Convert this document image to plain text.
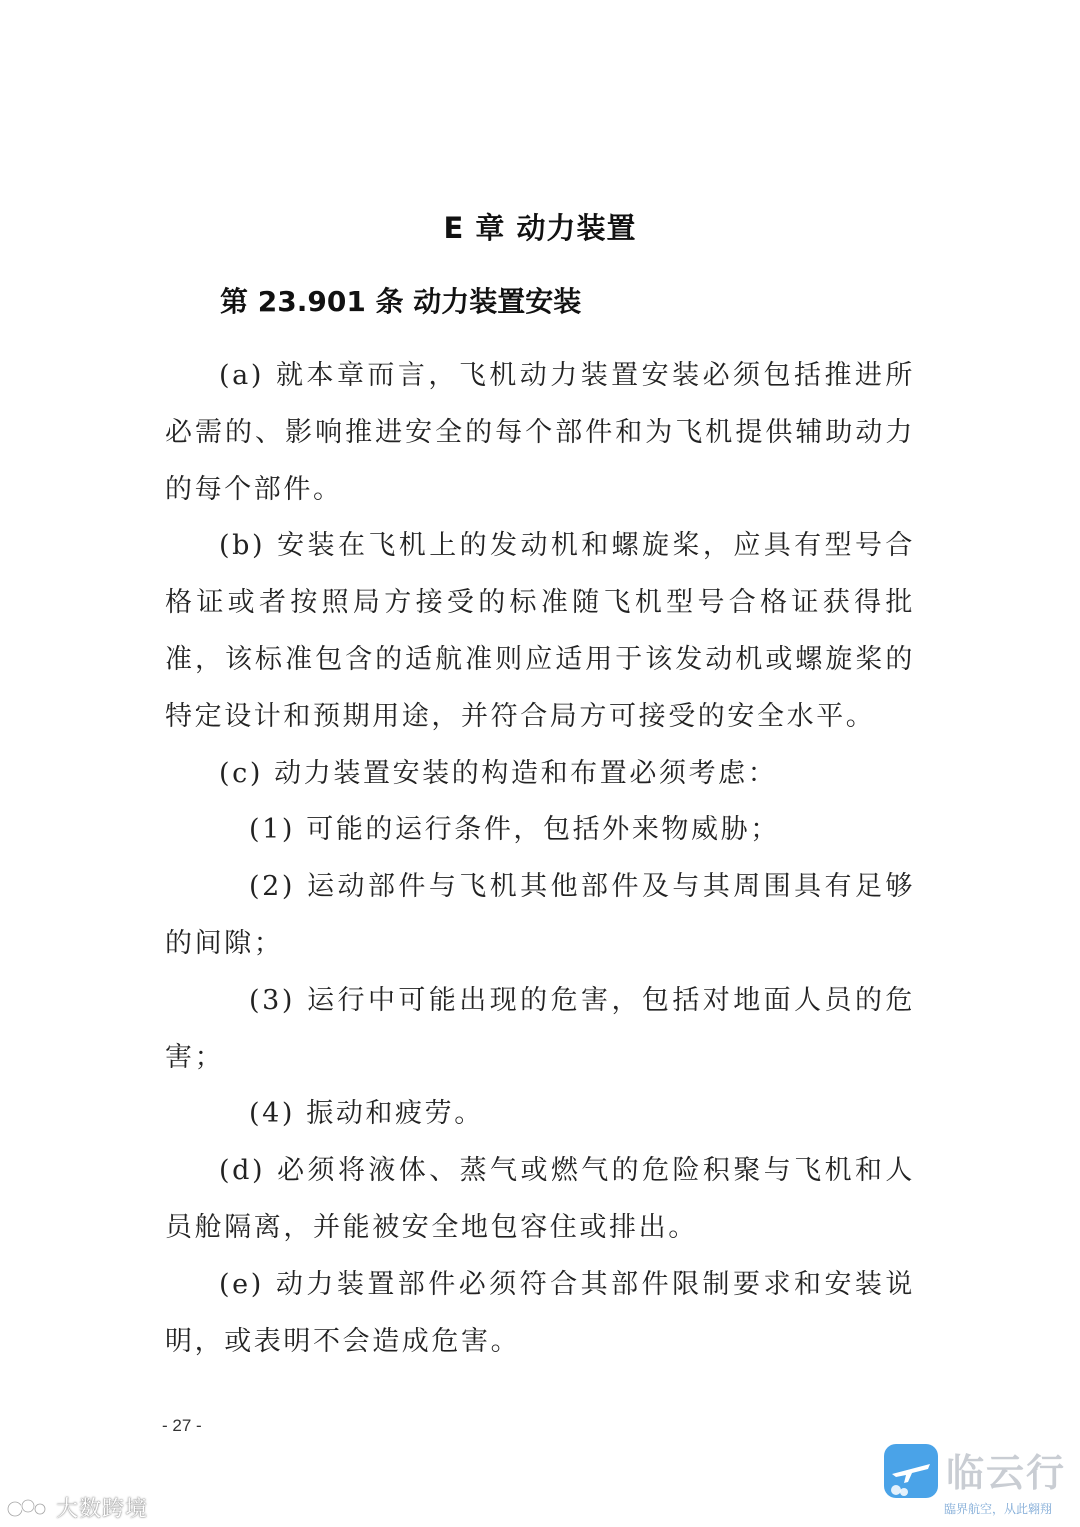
E 章 动力装置
第 23.901 条 动力装置安装

(a) 就本章而言，飞机动力装置安装必须包括推进所必需的、影响推进安全的每个部件和为飞机提供辅助动力的每个部件。

(b) 安装在飞机上的发动机和螺旋桨，应具有型号合格证或者按照局方接受的标准随飞机型号合格证获得批准，该标准包含的适航准则应适用于该发动机或螺旋桨的特定设计和预期用途，并符合局方可接受的安全水平。

(c) 动力装置安装的构造和布置必须考虑：

(1) 可能的运行条件，包括外来物威胁；

(2) 运动部件与飞机其他部件及与其周围具有足够的间隙；

(3) 运行中可能出现的危害，包括对地面人员的危害；

(4) 振动和疲劳。

(d) 必须将液体、蒸气或燃气的危险积聚与飞机和人员舱隔离，并能被安全地包容住或排出。

(e) 动力装置部件必须符合其部件限制要求和安装说明，或表明不会造成危害。

- 27 -
大数跨境
临云行
臨界航空，从此翱翔
